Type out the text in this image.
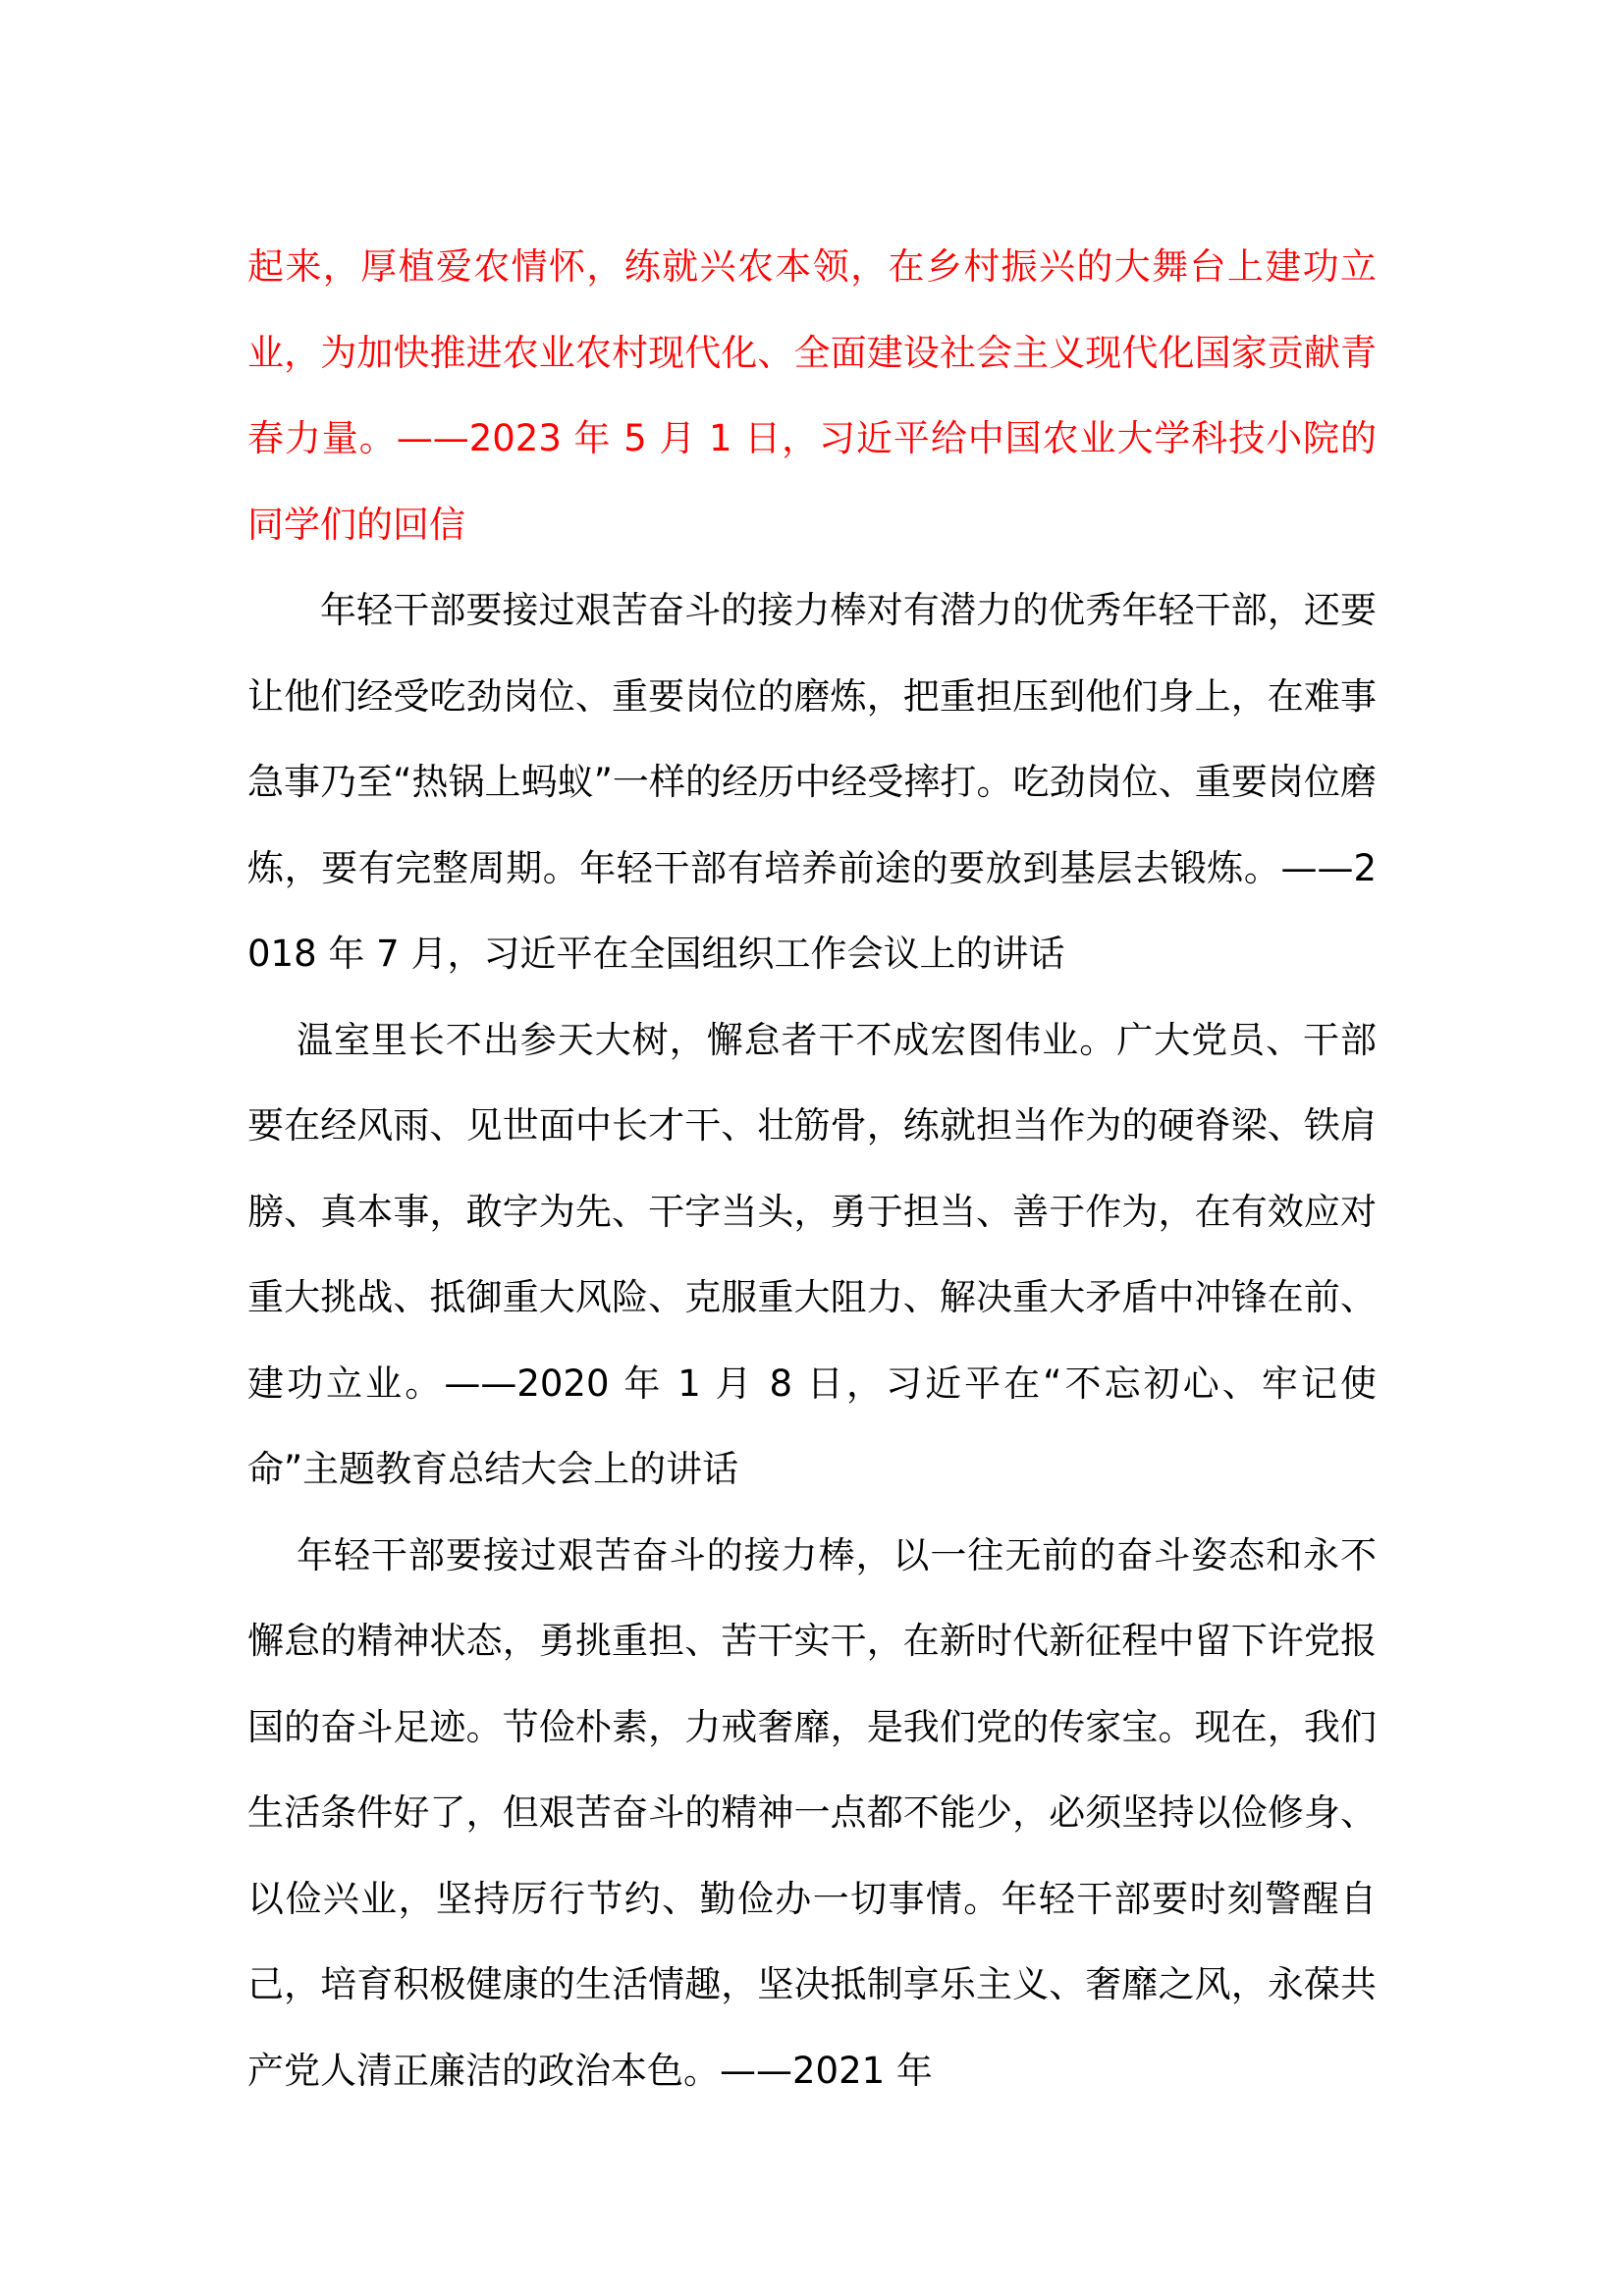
起来，厚植爱农情怀，练就兴农本领，在乡村振兴的大舞台上建功立业，为加快推进农业农村现代化、全面建设社会主义现代化国家贡献青春力量。——2023 年 5 月 1 日，习近平给中国农业大学科技小院的同学们的回信

年轻干部要接过艰苦奋斗的接力棒对有潜力的优秀年轻干部，还要让他们经受吃劲岗位、重要岗位的磨炼，把重担压到他们身上，在难事急事乃至“热锅上蚂蚁”一样的经历中经受摔打。吃劲岗位、重要岗位磨炼，要有完整周期。年轻干部有培养前途的要放到基层去锻炼。——2018 年 7 月，习近平在全国组织工作会议上的讲话

温室里长不出参天大树，懈怠者干不成宏图伟业。广大党员、干部要在经风雨、见世面中长才干、壮筋骨，练就担当作为的硬脊梁、铁肩膀、真本事，敢字为先、干字当头，勇于担当、善于作为，在有效应对重大挑战、抵御重大风险、克服重大阻力、解决重大矛盾中冲锋在前、建功立业。——2020 年 1 月 8 日，习近平在“不忘初心、牢记使命”主题教育总结大会上的讲话

年轻干部要接过艰苦奋斗的接力棒，以一往无前的奋斗姿态和永不懈怠的精神状态，勇挑重担、苦干实干，在新时代新征程中留下许党报国的奋斗足迹。节俭朴素，力戒奢靡，是我们党的传家宝。现在，我们生活条件好了，但艰苦奋斗的精神一点都不能少，必须坚持以俭修身、以俭兴业，坚持厉行节约、勤俭办一切事情。年轻干部要时刻警醒自己，培育积极健康的生活情趣，坚决抵制享乐主义、奢靡之风，永葆共产党人清正廉洁的政治本色。——2021 年
